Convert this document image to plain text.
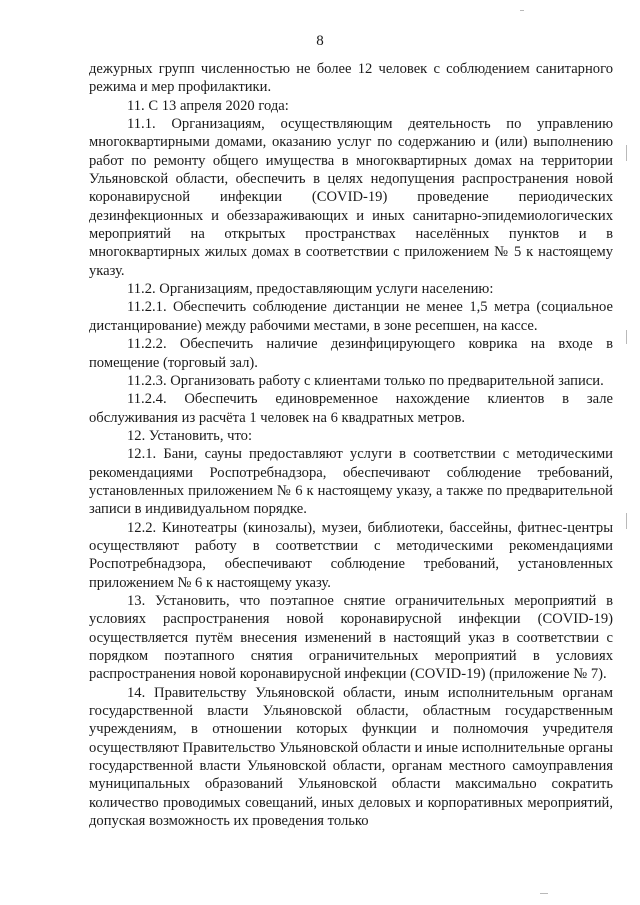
8

дежурных групп численностью не более 12 человек с соблюдением санитарного режима и мер профилактики.

11. С 13 апреля 2020 года:

11.1. Организациям, осуществляющим деятельность по управлению многоквартирными домами, оказанию услуг по содержанию и (или) выполнению работ по ремонту общего имущества в многоквартирных домах на территории Ульяновской области, обеспечить в целях недопущения распространения новой коронавирусной инфекции (COVID-19) проведение периодических дезинфекционных и обеззараживающих и иных санитарно-эпидемиологических мероприятий на открытых пространствах населённых пунктов и в многоквартирных жилых домах в соответствии с приложением № 5 к настоящему указу.

11.2. Организациям, предоставляющим услуги населению:

11.2.1. Обеспечить соблюдение дистанции не менее 1,5 метра (социальное дистанцирование) между рабочими местами, в зоне ресепшен, на кассе.

11.2.2. Обеспечить наличие дезинфицирующего коврика на входе в помещение (торговый зал).

11.2.3. Организовать работу с клиентами только по предварительной записи.

11.2.4. Обеспечить единовременное нахождение клиентов в зале обслуживания из расчёта 1 человек на 6 квадратных метров.

12. Установить, что:

12.1. Бани, сауны предоставляют услуги в соответствии с методическими рекомендациями Роспотребнадзора, обеспечивают соблюдение требований, установленных приложением № 6 к настоящему указу, а также по предварительной записи в индивидуальном порядке.

12.2. Кинотеатры (кинозалы), музеи, библиотеки, бассейны, фитнес-центры осуществляют работу в соответствии с методическими рекомендациями Роспотребнадзора, обеспечивают соблюдение требований, установленных приложением № 6 к настоящему указу.

13. Установить, что поэтапное снятие ограничительных мероприятий в условиях распространения новой коронавирусной инфекции (COVID-19) осуществляется путём внесения изменений в настоящий указ в соответствии с порядком поэтапного снятия ограничительных мероприятий в условиях распространения новой коронавирусной инфекции (COVID-19) (приложение № 7).

14. Правительству Ульяновской области, иным исполнительным органам государственной власти Ульяновской области, областным государственным учреждениям, в отношении которых функции и полномочия учредителя осуществляют Правительство Ульяновской области и иные исполнительные органы государственной власти Ульяновской области, органам местного самоуправления муниципальных образований Ульяновской области максимально сократить количество проводимых совещаний, иных деловых и корпоративных мероприятий, допуская возможность их проведения только
